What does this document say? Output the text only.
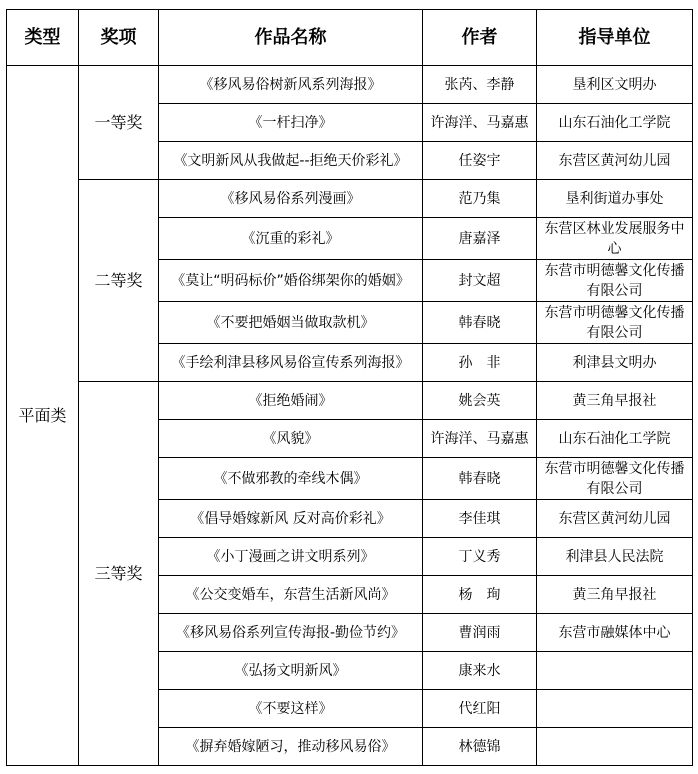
类型	奖项	作品名称	作者	指导单位
平面类	一等奖	《移风易俗树新风系列海报》	张芮、李静	垦利区文明办
		《一杆扫净》	许海洋、马嘉惠	山东石油化工学院
		《文明新风从我做起--拒绝天价彩礼》	任姿宇	东营区黄河幼儿园
	二等奖	《移风易俗系列漫画》	范乃集	垦利街道办事处
		《沉重的彩礼》	唐嘉泽	东营区林业发展服务中心
		《莫让“明码标价”婚俗绑架你的婚姻》	封文超	东营市明德馨文化传播有限公司
		《不要把婚姻当做取款机》	韩春晓	东营市明德馨文化传播有限公司
		《手绘利津县移风易俗宣传系列海报》	孙　非	利津县文明办
	三等奖	《拒绝婚闹》	姚会英	黄三角早报社
		《风貌》	许海洋、马嘉惠	山东石油化工学院
		《不做邪教的牵线木偶》	韩春晓	东营市明德馨文化传播有限公司
		《倡导婚嫁新风 反对高价彩礼》	李佳琪	东营区黄河幼儿园
		《小丁漫画之讲文明系列》	丁义秀	利津县人民法院
		《公交变婚车，东营生活新风尚》	杨　珣	黄三角早报社
		《移风易俗系列宣传海报-勤俭节约》	曹润雨	东营市融媒体中心
		《弘扬文明新风》	康来水	
		《不要这样》	代红阳	
		《摒弃婚嫁陋习，推动移风易俗》	林德锦	
